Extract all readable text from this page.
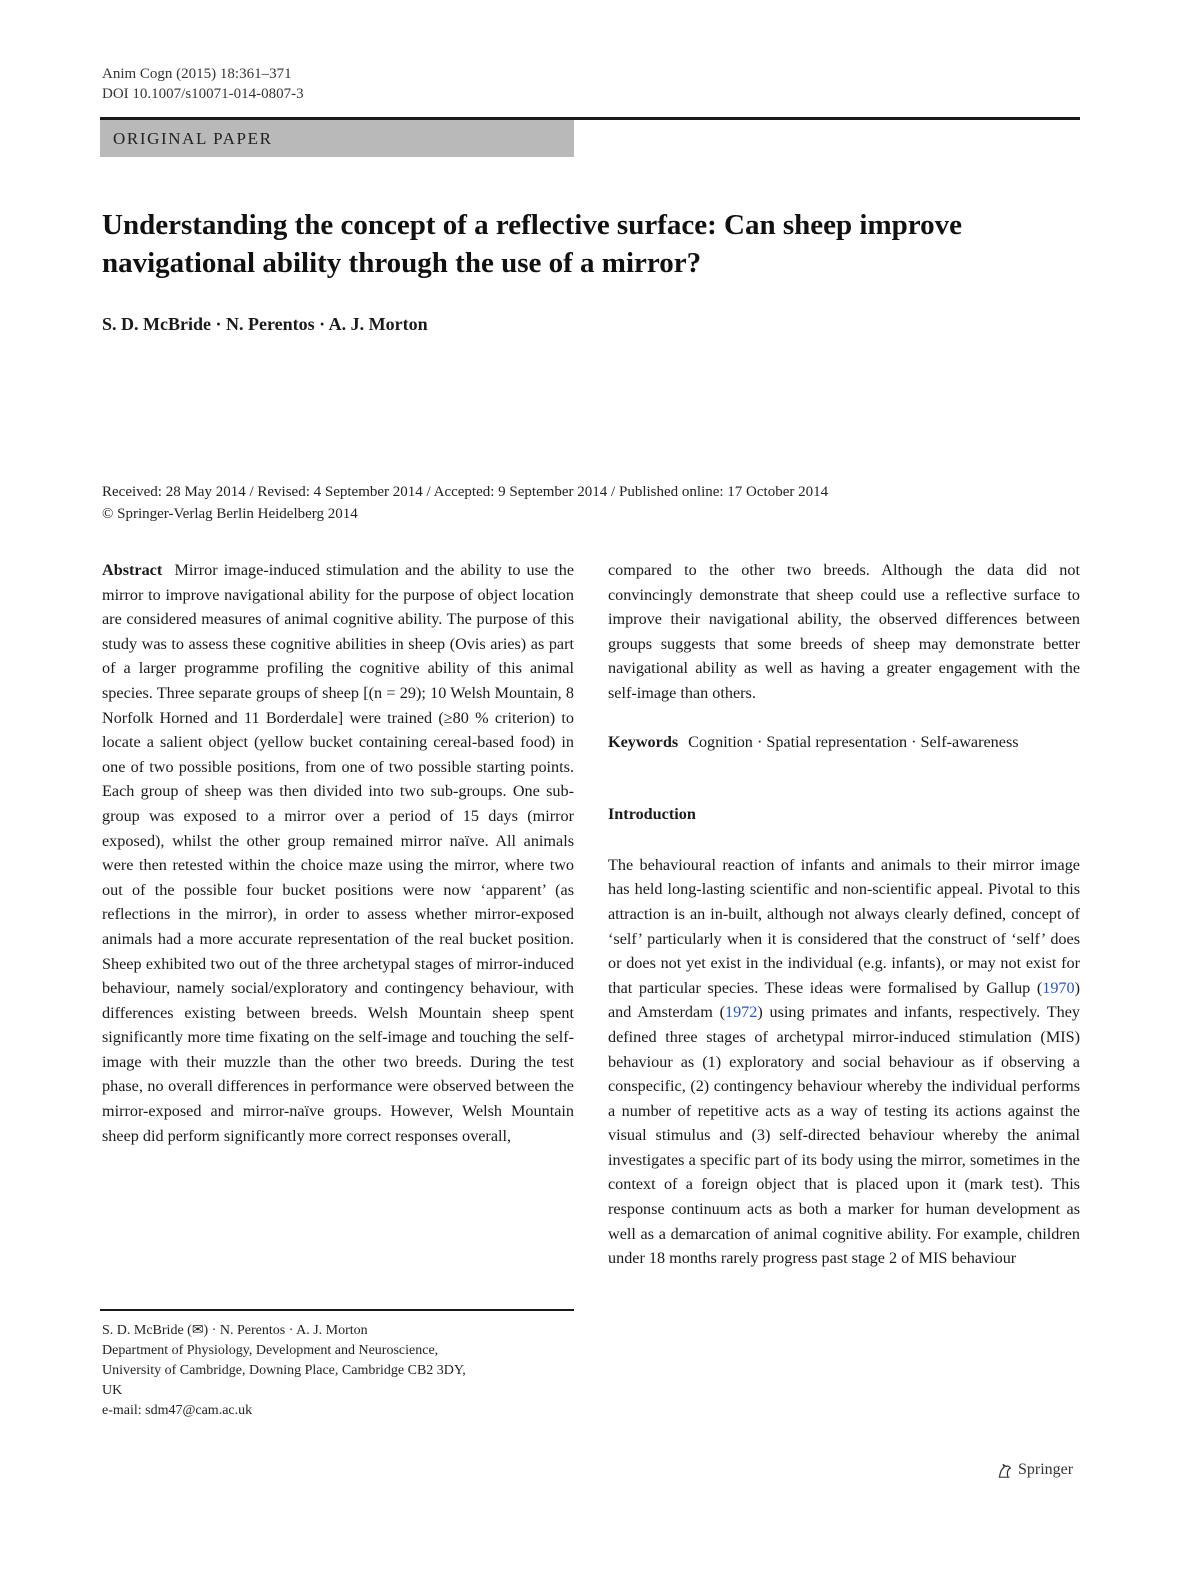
Anim Cogn (2015) 18:361–371
DOI 10.1007/s10071-014-0807-3
ORIGINAL PAPER
Understanding the concept of a reflective surface: Can sheep improve navigational ability through the use of a mirror?
S. D. McBride · N. Perentos · A. J. Morton
Received: 28 May 2014 / Revised: 4 September 2014 / Accepted: 9 September 2014 / Published online: 17 October 2014
© Springer-Verlag Berlin Heidelberg 2014

Abstract Mirror image-induced stimulation and the ability to use the mirror to improve navigational ability for the purpose of object location are considered measures of animal cognitive ability. The purpose of this study was to assess these cognitive abilities in sheep (Ovis aries) as part of a larger programme profiling the cognitive ability of this animal species. Three separate groups of sheep [(n = 29); 10 Welsh Mountain, 8 Norfolk Horned and 11 Borderdale] were trained (≥80 % criterion) to locate a salient object (yellow bucket containing cereal-based food) in one of two possible positions, from one of two possible starting points. Each group of sheep was then divided into two sub-groups. One sub-group was exposed to a mirror over a period of 15 days (mirror exposed), whilst the other group remained mirror naïve. All animals were then retested within the choice maze using the mirror, where two out of the possible four bucket positions were now ‘apparent’ (as reflections in the mirror), in order to assess whether mirror-exposed animals had a more accurate representation of the real bucket position. Sheep exhibited two out of the three archetypal stages of mirror-induced behaviour, namely social/exploratory and contingency behaviour, with differences existing between breeds. Welsh Mountain sheep spent significantly more time fixating on the self-image and touching the self-image with their muzzle than the other two breeds. During the test phase, no overall differences in performance were observed between the mirror-exposed and mirror-naïve groups. However, Welsh Mountain sheep did perform significantly more correct responses overall,

compared to the other two breeds. Although the data did not convincingly demonstrate that sheep could use a reflective surface to improve their navigational ability, the observed differences between groups suggests that some breeds of sheep may demonstrate better navigational ability as well as having a greater engagement with the self-image than others.

Keywords Cognition · Spatial representation · Self-awareness

Introduction

The behavioural reaction of infants and animals to their mirror image has held long-lasting scientific and non-scientific appeal. Pivotal to this attraction is an in-built, although not always clearly defined, concept of ‘self’ particularly when it is considered that the construct of ‘self’ does or does not yet exist in the individual (e.g. infants), or may not exist for that particular species. These ideas were formalised by Gallup (1970) and Amsterdam (1972) using primates and infants, respectively. They defined three stages of archetypal mirror-induced stimulation (MIS) behaviour as (1) exploratory and social behaviour as if observing a conspecific, (2) contingency behaviour whereby the individual performs a number of repetitive acts as a way of testing its actions against the visual stimulus and (3) self-directed behaviour whereby the animal investigates a specific part of its body using the mirror, sometimes in the context of a foreign object that is placed upon it (mark test). This response continuum acts as both a marker for human development as well as a demarcation of animal cognitive ability. For example, children under 18 months rarely progress past stage 2 of MIS behaviour

S. D. McBride (✉) · N. Perentos · A. J. Morton
Department of Physiology, Development and Neuroscience,
University of Cambridge, Downing Place, Cambridge CB2 3DY,
UK
e-mail: sdm47@cam.ac.uk
Springer
